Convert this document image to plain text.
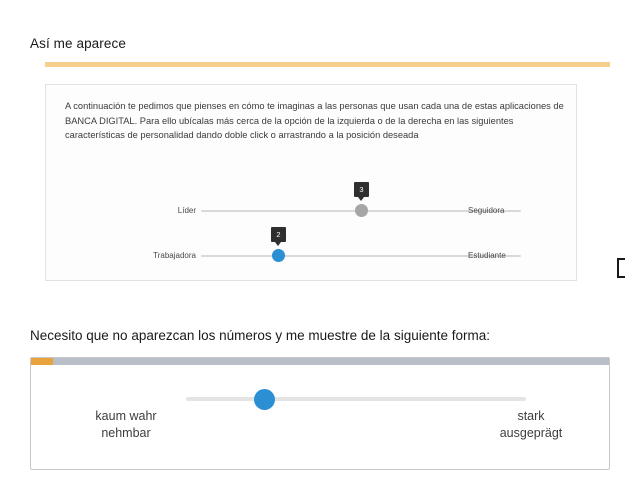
Así me aparece
A continuación te pedimos que pienses en cómo te imaginas a las personas que usan cada una de estas aplicaciones de BANCA DIGITAL. Para ello ubícalas más cerca de la opción de la izquierda o de la derecha en las siguientes características de personalidad dando doble click o arrastrando a la posición deseada
Líder
3
Seguidora
Trabajadora
2
Estudiante
Necesito que no aparezcan los números y me muestre de la siguiente forma:
kaum wahr
nehmbar
stark
ausgeprägt
